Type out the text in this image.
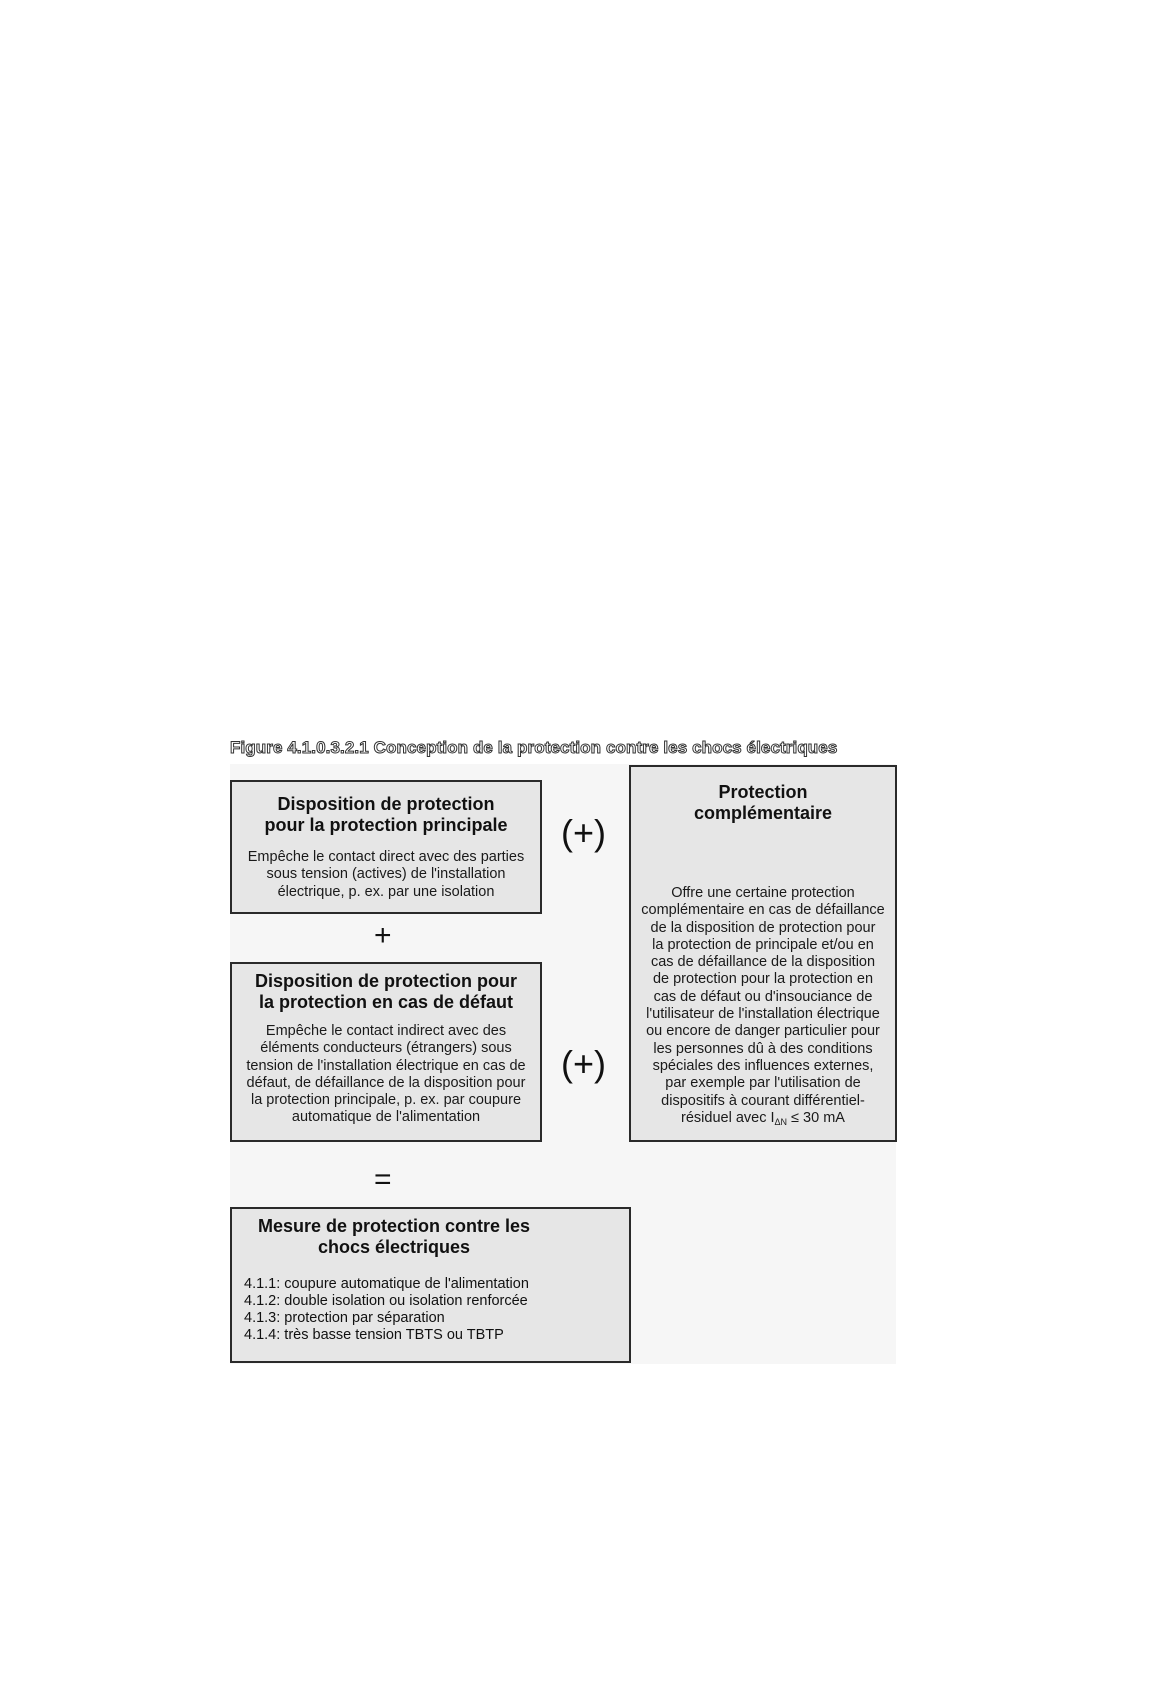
Figure 4.1.0.3.2.1 Conception de la protection contre les chocs électriques
Disposition de protection
pour la protection principale
Empêche le contact direct avec des parties
sous tension (actives) de l'installation
électrique, p. ex. par une isolation
(+)
+
Disposition de protection pour
la protection en cas de défaut
Empêche le contact indirect avec des
éléments conducteurs (étrangers) sous
tension de l'installation électrique en cas de
défaut, de défaillance de la disposition pour
la protection principale, p. ex. par coupure
automatique de l'alimentation
(+)
Protection
complémentaire
Offre une certaine protection
complémentaire en cas de défaillance
de la disposition de protection pour
la protection de principale et/ou en
cas de défaillance de la disposition
de protection pour la protection en
cas de défaut ou d'insouciance de
l'utilisateur de l'installation électrique
ou encore de danger particulier pour
les personnes dû à des conditions
spéciales des influences externes,
par exemple par l'utilisation de
dispositifs à courant différentiel-
résiduel avec $I_{\Delta N} \le 30$ mA
=
Mesure de protection contre les
chocs électriques
4.1.1: coupure automatique de l'alimentation
4.1.2: double isolation ou isolation renforcée
4.1.3: protection par séparation
4.1.4: très basse tension TBTS ou TBTP
